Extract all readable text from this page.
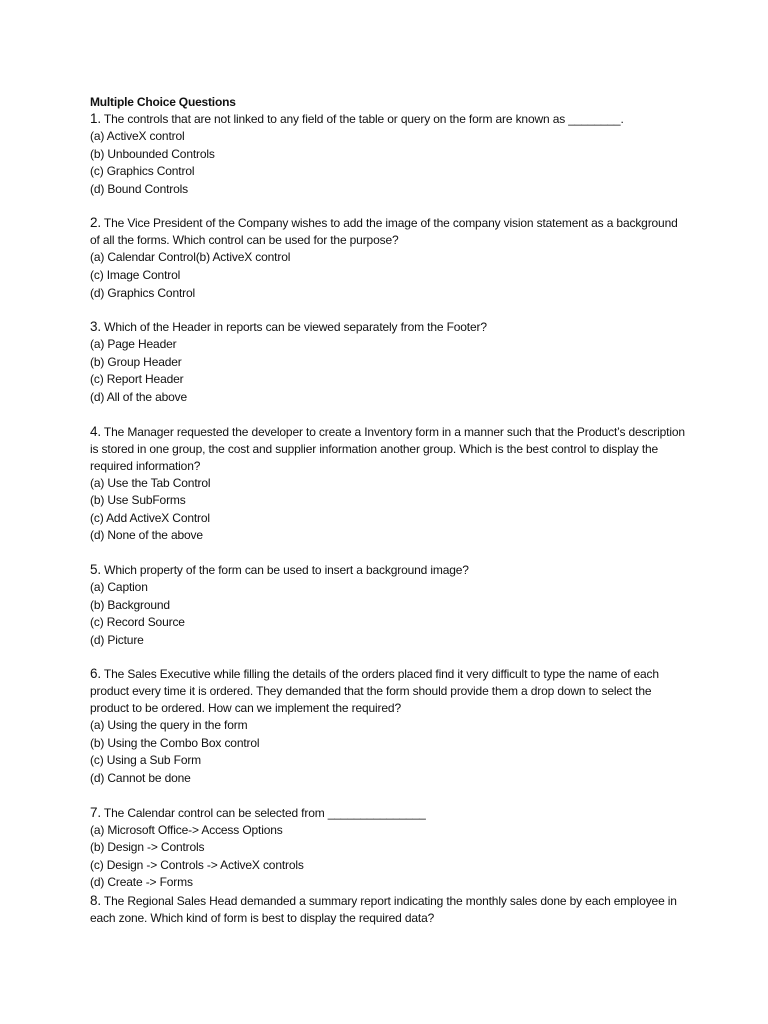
Multiple Choice Questions

1. The controls that are not linked to any field of the table or query on the form are known as ________.

(a) ActiveX control
(b) Unbounded Controls
(c) Graphics Control
(d) Bound Controls

2. The Vice President of the Company wishes to add the image of the company vision statement as a background of all the forms. Which control can be used for the purpose?

(a) Calendar Control(b) ActiveX control
(c) Image Control
(d) Graphics Control

3. Which of the Header in reports can be viewed separately from the Footer?

(a) Page Header
(b) Group Header
(c) Report Header
(d) All of the above

4. The Manager requested the developer to create a Inventory form in a manner such that the Product’s description is stored in one group, the cost and supplier information another group. Which is the best control to display the required information?

(a) Use the Tab Control
(b) Use SubForms
(c) Add ActiveX Control
(d) None of the above

5. Which property of the form can be used to insert a background image?

(a) Caption
(b) Background
(c) Record Source
(d) Picture

6. The Sales Executive while filling the details of the orders placed find it very difficult to type the name of each product every time it is ordered. They demanded that the form should provide them a drop down to select the product to be ordered. How can we implement the required?

(a) Using the query in the form
(b) Using the Combo Box control
(c) Using a Sub Form
(d) Cannot be done

7. The Calendar control can be selected from _______________

(a) Microsoft Office-> Access Options
(b) Design -> Controls
(c) Design -> Controls -> ActiveX controls
(d) Create -> Forms

8. The Regional Sales Head demanded a summary report indicating the monthly sales done by each employee in each zone. Which kind of form is best to display the required data?
